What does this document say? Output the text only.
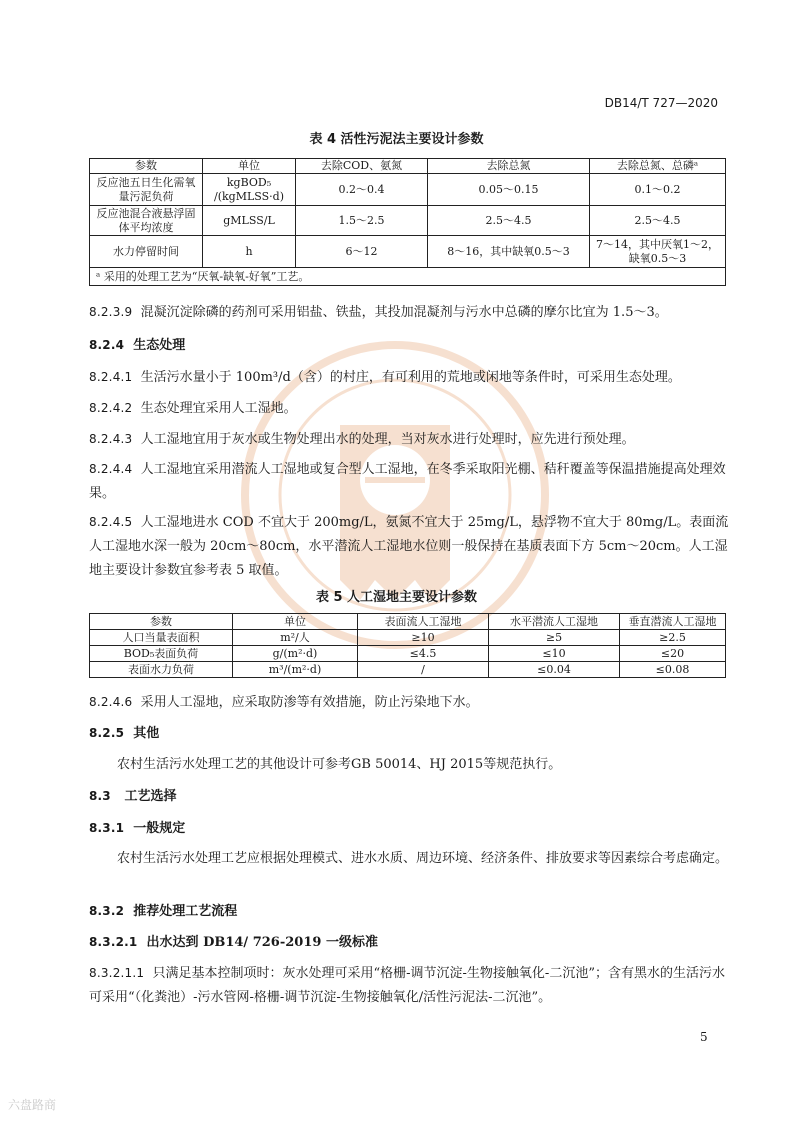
DB14/T 727—2020
表 4 活性污泥法主要设计参数
参数	单位	去除COD、氨氮	去除总氮	去除总氮、总磷ᵃ
反应池五日生化需氧量污泥负荷	kgBOD₅ /(kgMLSS·d)	0.2～0.4	0.05～0.15	0.1～0.2
反应池混合液悬浮固体平均浓度	gMLSS/L	1.5～2.5	2.5～4.5	2.5～4.5
水力停留时间	h	6～12	8～16，其中缺氧0.5～3	7～14，其中厌氧1～2，缺氧0.5～3
ᵃ 采用的处理工艺为“厌氧-缺氧-好氧”工艺。				
8.2.3.9 混凝沉淀除磷的药剂可采用铝盐、铁盐，其投加混凝剂与污水中总磷的摩尔比宜为 1.5～3。
8.2.4 生态处理
8.2.4.1 生活污水量小于 100m³/d（含）的村庄，有可利用的荒地或闲地等条件时，可采用生态处理。
8.2.4.2 生态处理宜采用人工湿地。
8.2.4.3 人工湿地宜用于灰水或生物处理出水的处理，当对灰水进行处理时，应先进行预处理。
8.2.4.4 人工湿地宜采用潜流人工湿地或复合型人工湿地，在冬季采取阳光棚、秸秆覆盖等保温措施提高处理效果。
8.2.4.5 人工湿地进水 COD 不宜大于 200mg/L，氨氮不宜大于 25mg/L，悬浮物不宜大于 80mg/L。表面流人工湿地水深一般为 20cm～80cm，水平潜流人工湿地水位则一般保持在基质表面下方 5cm～20cm。人工湿地主要设计参数宜参考表 5 取值。
表 5 人工湿地主要设计参数
参数	单位	表面流人工湿地	水平潜流人工湿地	垂直潜流人工湿地
人口当量表面积	m²/人	≥10	≥5	≥2.5
BOD₅表面负荷	g/(m²·d)	≤4.5	≤10	≤20
表面水力负荷	m³/(m²·d)	/	≤0.04	≤0.08
8.2.4.6 采用人工湿地，应采取防渗等有效措施，防止污染地下水。
8.2.5 其他
农村生活污水处理工艺的其他设计可参考GB 50014、HJ 2015等规范执行。
8.3 工艺选择
8.3.1 一般规定
农村生活污水处理工艺应根据处理模式、进水水质、周边环境、经济条件、排放要求等因素综合考虑确定。
8.3.2 推荐处理工艺流程
8.3.2.1 出水达到 DB14/ 726-2019 一级标准
8.3.2.1.1 只满足基本控制项时：灰水处理可采用“格栅-调节沉淀-生物接触氧化-二沉池”；含有黑水的生活污水可采用“（化粪池）-污水管网-格栅-调节沉淀-生物接触氧化/活性污泥法-二沉池”。
5
六盘路商
